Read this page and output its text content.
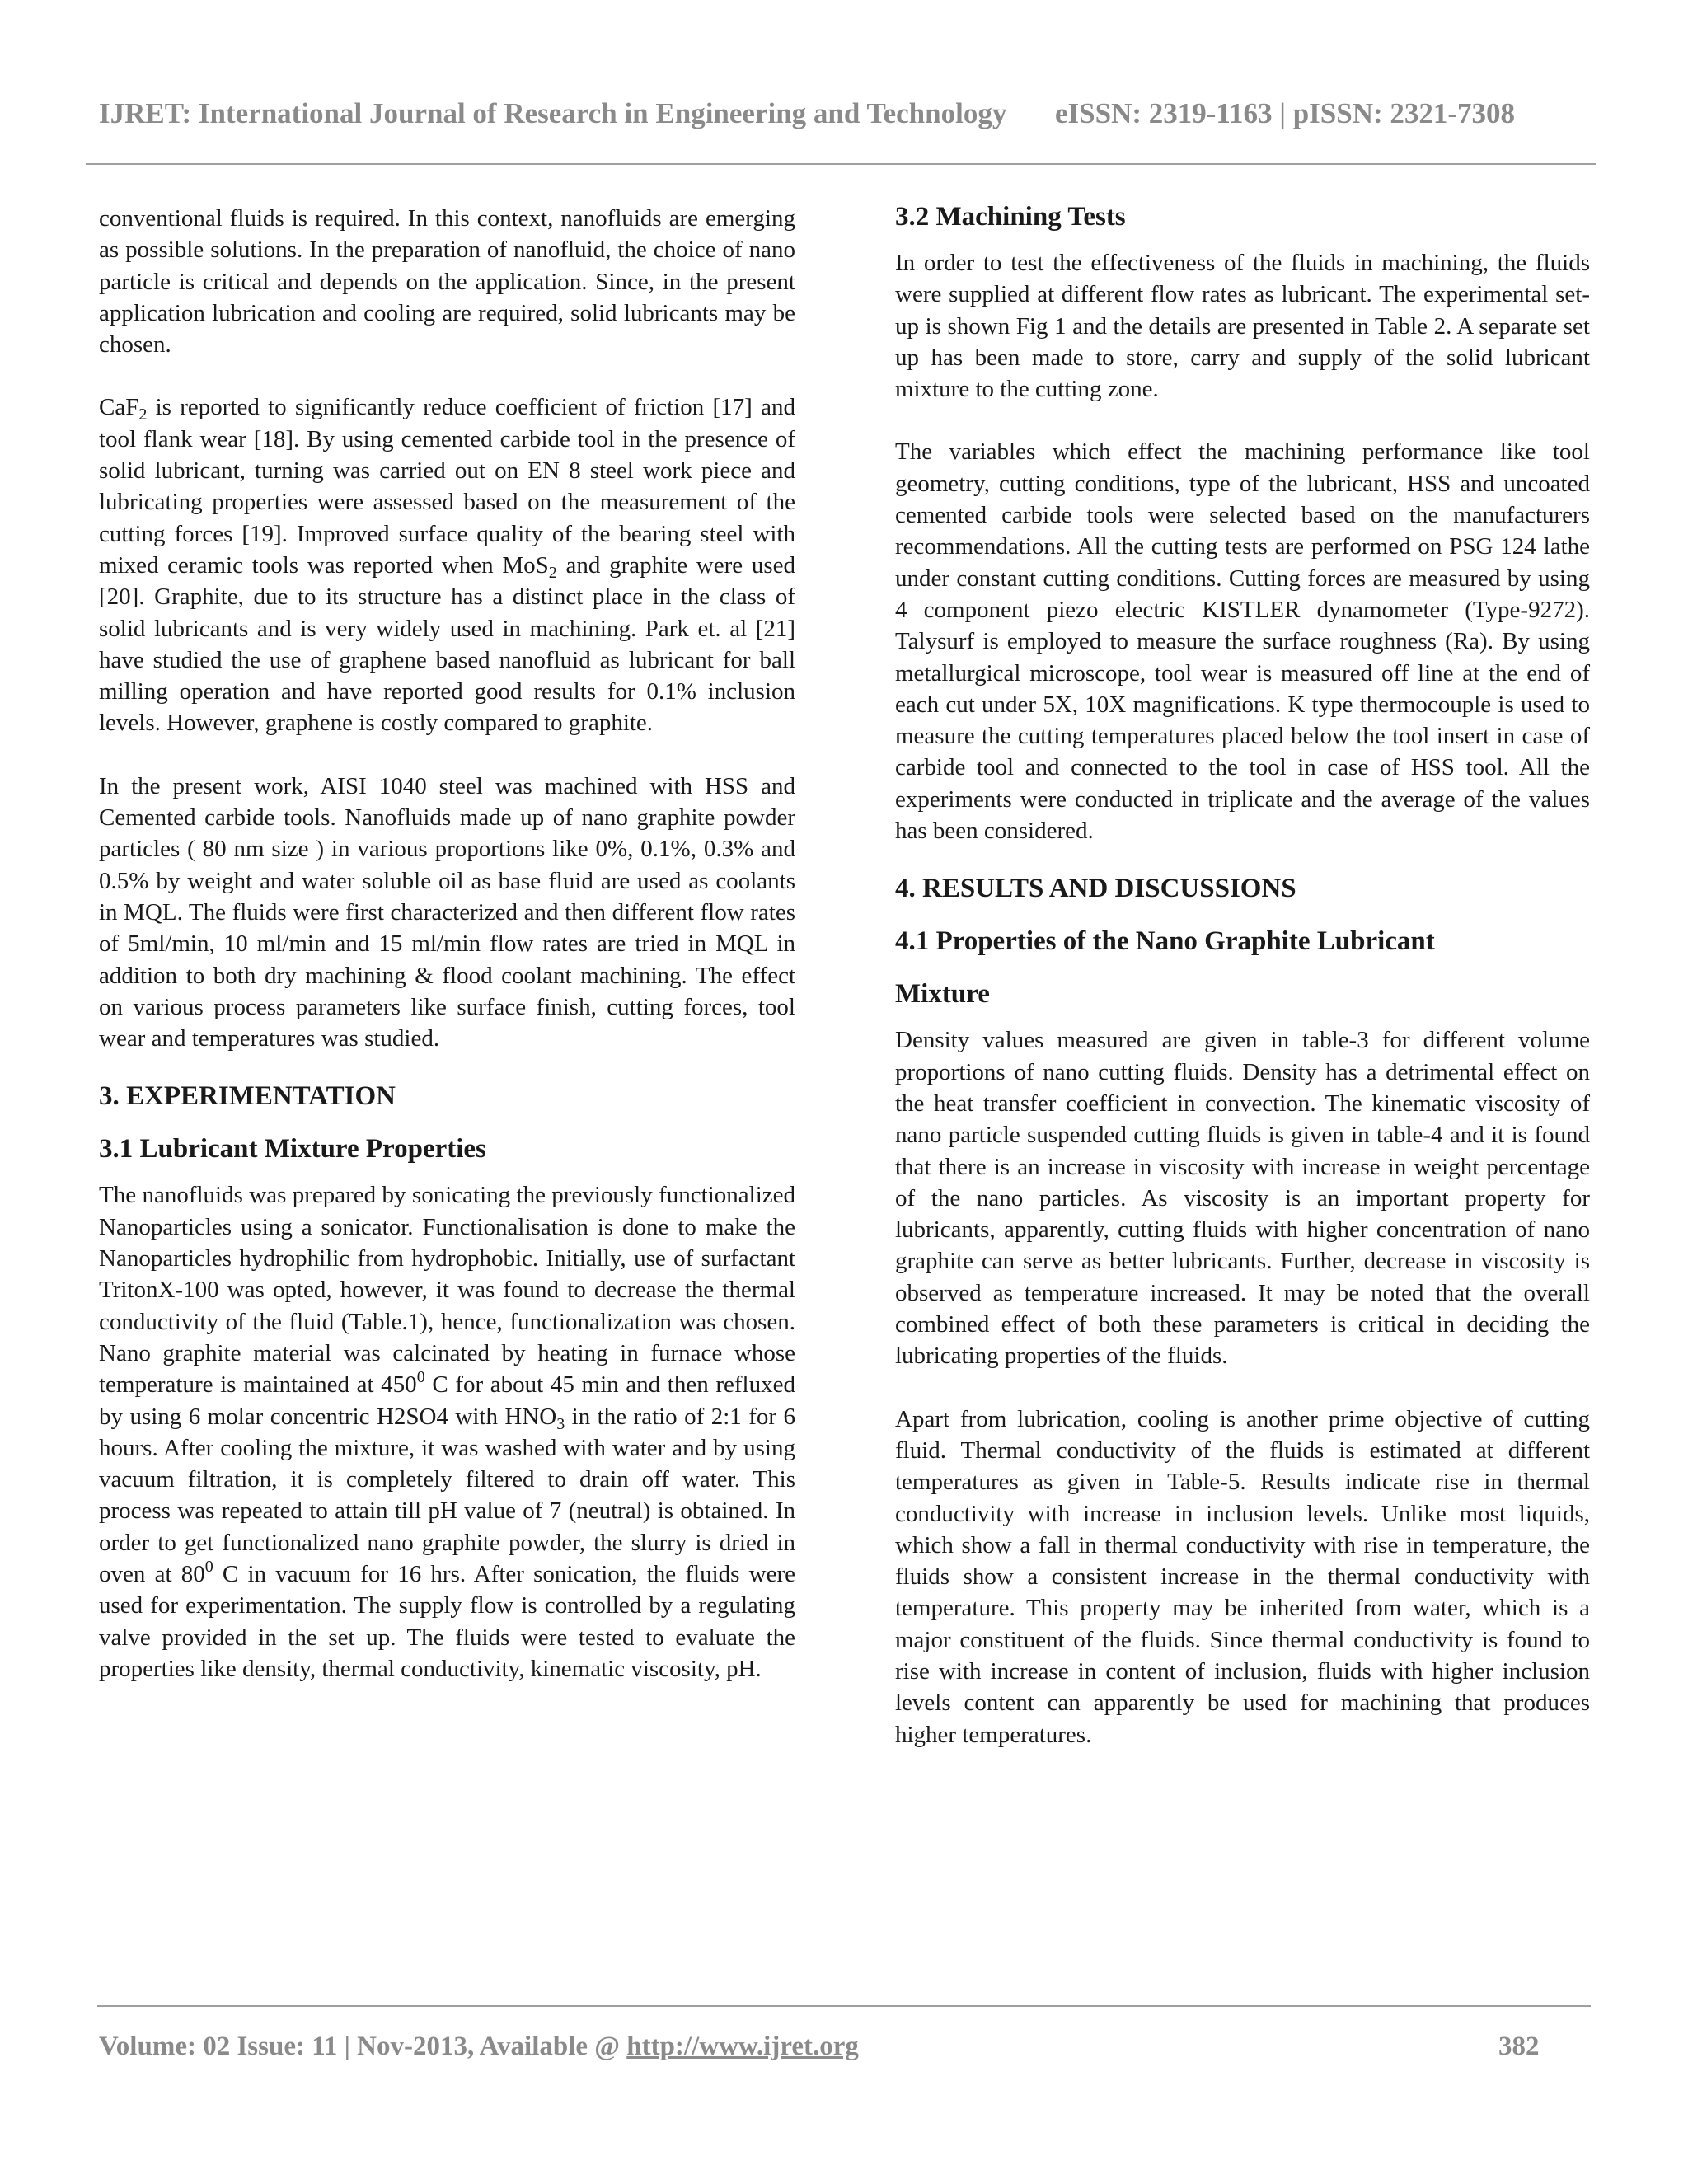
IJRET: International Journal of Research in Engineering and Technology eISSN: 2319-1163 | pISSN: 2321-7308

conventional fluids is required. In this context, nanofluids are emerging as possible solutions. In the preparation of nanofluid, the choice of nano particle is critical and depends on the application. Since, in the present application lubrication and cooling are required, solid lubricants may be chosen.

CaF$_2$ is reported to significantly reduce coefficient of friction [17] and tool flank wear [18]. By using cemented carbide tool in the presence of solid lubricant, turning was carried out on EN 8 steel work piece and lubricating properties were assessed based on the measurement of the cutting forces [19]. Improved surface quality of the bearing steel with mixed ceramic tools was reported when MoS$_2$ and graphite were used [20]. Graphite, due to its structure has a distinct place in the class of solid lubricants and is very widely used in machining. Park et. al [21] have studied the use of graphene based nanofluid as lubricant for ball milling operation and have reported good results for 0.1% inclusion levels. However, graphene is costly compared to graphite.

In the present work, AISI 1040 steel was machined with HSS and Cemented carbide tools. Nanofluids made up of nano graphite powder particles ( 80 nm size ) in various proportions like 0%, 0.1%, 0.3% and 0.5% by weight and water soluble oil as base fluid are used as coolants in MQL. The fluids were first characterized and then different flow rates of 5ml/min, 10 ml/min and 15 ml/min flow rates are tried in MQL in addition to both dry machining & flood coolant machining. The effect on various process parameters like surface finish, cutting forces, tool wear and temperatures was studied.

3. EXPERIMENTATION
3.1 Lubricant Mixture Properties

The nanofluids was prepared by sonicating the previously functionalized Nanoparticles using a sonicator. Functionalisation is done to make the Nanoparticles hydrophilic from hydrophobic. Initially, use of surfactant TritonX-100 was opted, however, it was found to decrease the thermal conductivity of the fluid (Table.1), hence, functionalization was chosen. Nano graphite material was calcinated by heating in furnace whose temperature is maintained at $450^0$ C for about 45 min and then refluxed by using 6 molar concentric H2SO4 with $HNO_3$ in the ratio of 2:1 for 6 hours. After cooling the mixture, it was washed with water and by using vacuum filtration, it is completely filtered to drain off water. This process was repeated to attain till pH value of 7 (neutral) is obtained. In order to get functionalized nano graphite powder, the slurry is dried in oven at $80^0$ C in vacuum for 16 hrs. After sonication, the fluids were used for experimentation. The supply flow is controlled by a regulating valve provided in the set up. The fluids were tested to evaluate the properties like density, thermal conductivity, kinematic viscosity, pH.

3.2 Machining Tests

In order to test the effectiveness of the fluids in machining, the fluids were supplied at different flow rates as lubricant. The experimental set-up is shown Fig 1 and the details are presented in Table 2. A separate set up has been made to store, carry and supply of the solid lubricant mixture to the cutting zone.

The variables which effect the machining performance like tool geometry, cutting conditions, type of the lubricant, HSS and uncoated cemented carbide tools were selected based on the manufacturers recommendations. All the cutting tests are performed on PSG 124 lathe under constant cutting conditions. Cutting forces are measured by using 4 component piezo electric KISTLER dynamometer (Type-9272). Talysurf is employed to measure the surface roughness (Ra). By using metallurgical microscope, tool wear is measured off line at the end of each cut under 5X, 10X magnifications. K type thermocouple is used to measure the cutting temperatures placed below the tool insert in case of carbide tool and connected to the tool in case of HSS tool. All the experiments were conducted in triplicate and the average of the values has been considered.

4. RESULTS AND DISCUSSIONS
4.1 Properties of the Nano Graphite Lubricant
Mixture

Density values measured are given in table-3 for different volume proportions of nano cutting fluids. Density has a detrimental effect on the heat transfer coefficient in convection. The kinematic viscosity of nano particle suspended cutting fluids is given in table-4 and it is found that there is an increase in viscosity with increase in weight percentage of the nano particles. As viscosity is an important property for lubricants, apparently, cutting fluids with higher concentration of nano graphite can serve as better lubricants. Further, decrease in viscosity is observed as temperature increased. It may be noted that the overall combined effect of both these parameters is critical in deciding the lubricating properties of the fluids.

Apart from lubrication, cooling is another prime objective of cutting fluid. Thermal conductivity of the fluids is estimated at different temperatures as given in Table-5. Results indicate rise in thermal conductivity with increase in inclusion levels. Unlike most liquids, which show a fall in thermal conductivity with rise in temperature, the fluids show a consistent increase in the thermal conductivity with temperature. This property may be inherited from water, which is a major constituent of the fluids. Since thermal conductivity is found to rise with increase in content of inclusion, fluids with higher inclusion levels content can apparently be used for machining that produces higher temperatures.

Volume: 02 Issue: 11 | Nov-2013, Available @ http://www.ijret.org	382
